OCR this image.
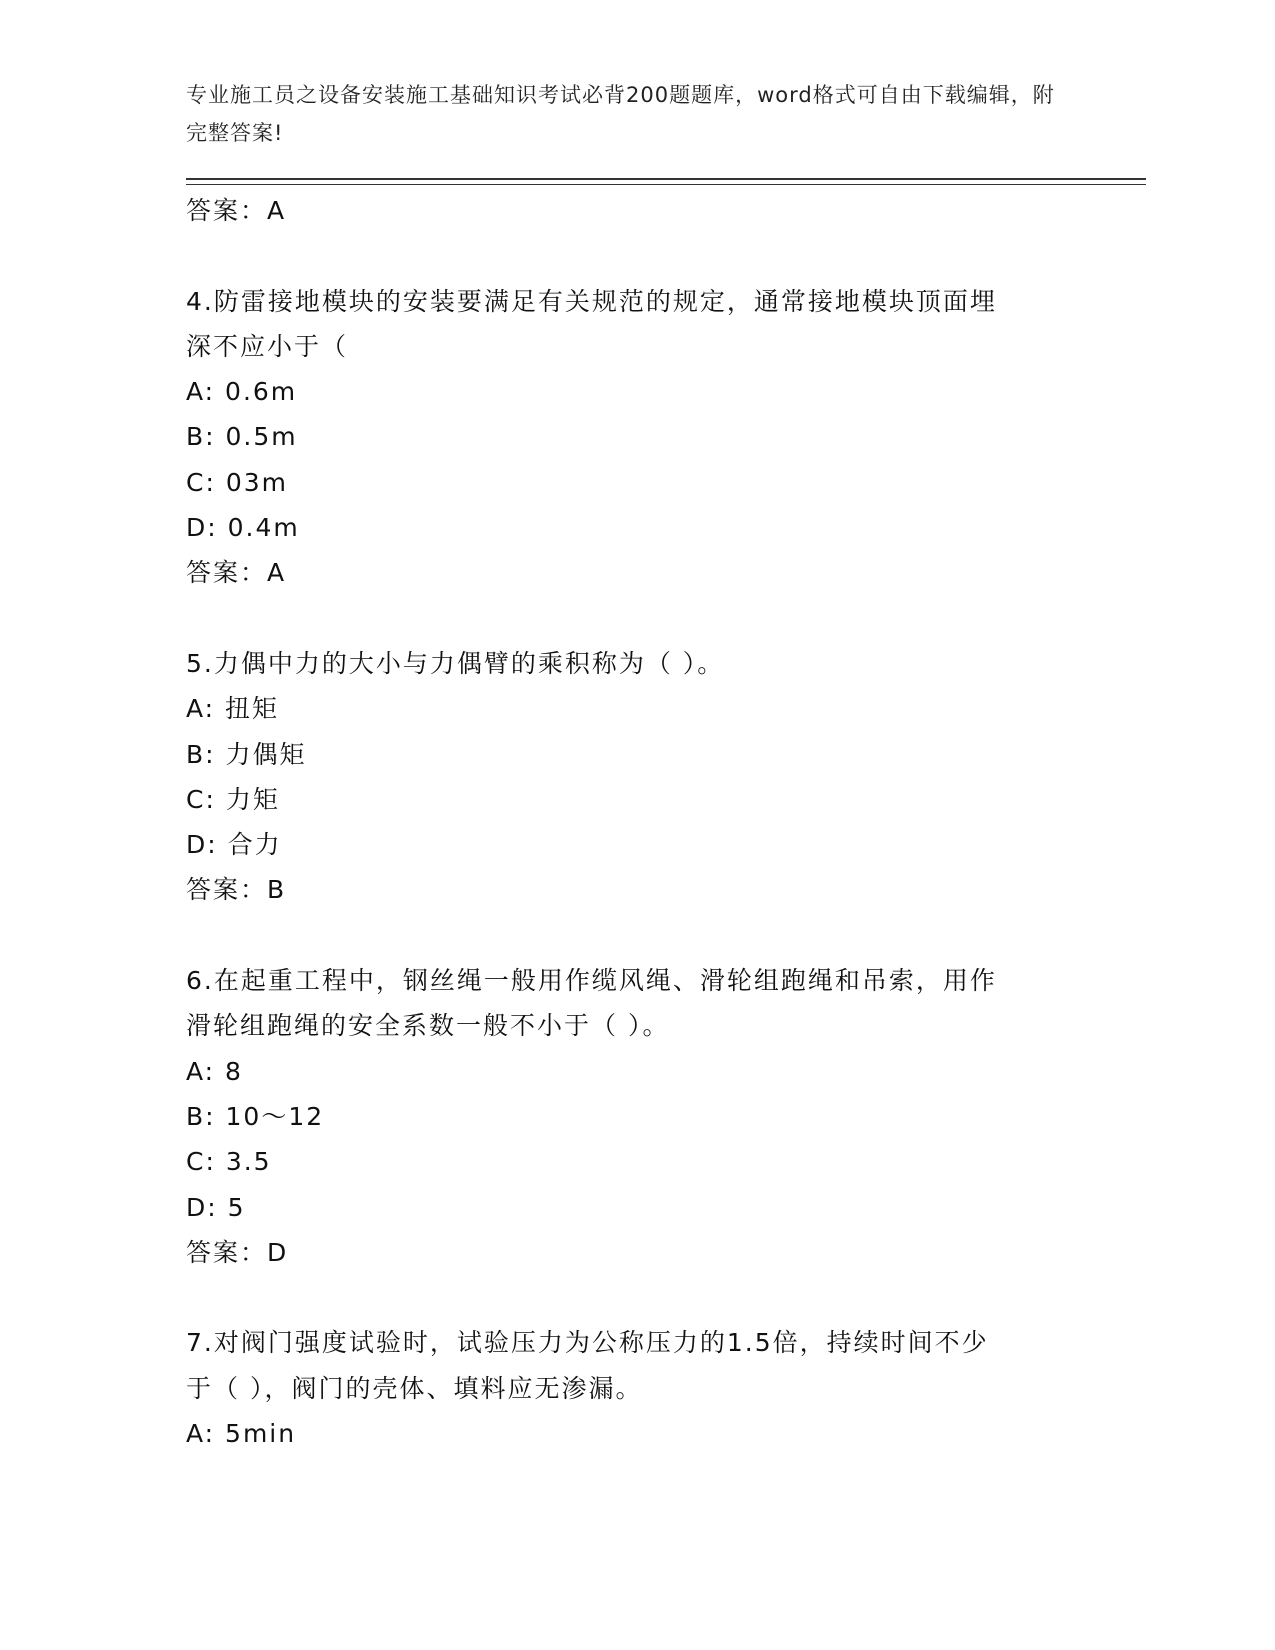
专业施工员之设备安装施工基础知识考试必背200题题库，word格式可自由下载编辑，附完整答案!
答案：A
4.防雷接地模块的安装要满足有关规范的规定，通常接地模块顶面埋
深不应小于（
A: 0.6m
B: 0.5m
C: 03m
D: 0.4m
答案：A
5.力偶中力的大小与力偶臂的乘积称为（ ）。
A: 扭矩
B: 力偶矩
C: 力矩
D: 合力
答案：B
6.在起重工程中，钢丝绳一般用作缆风绳、滑轮组跑绳和吊索，用作
滑轮组跑绳的安全系数一般不小于（ ）。
A: 8
B: 10～12
C: 3.5
D: 5
答案：D
7.对阀门强度试验时，试验压力为公称压力的1.5倍，持续时间不少
于（ ），阀门的壳体、填料应无渗漏。
A: 5min
